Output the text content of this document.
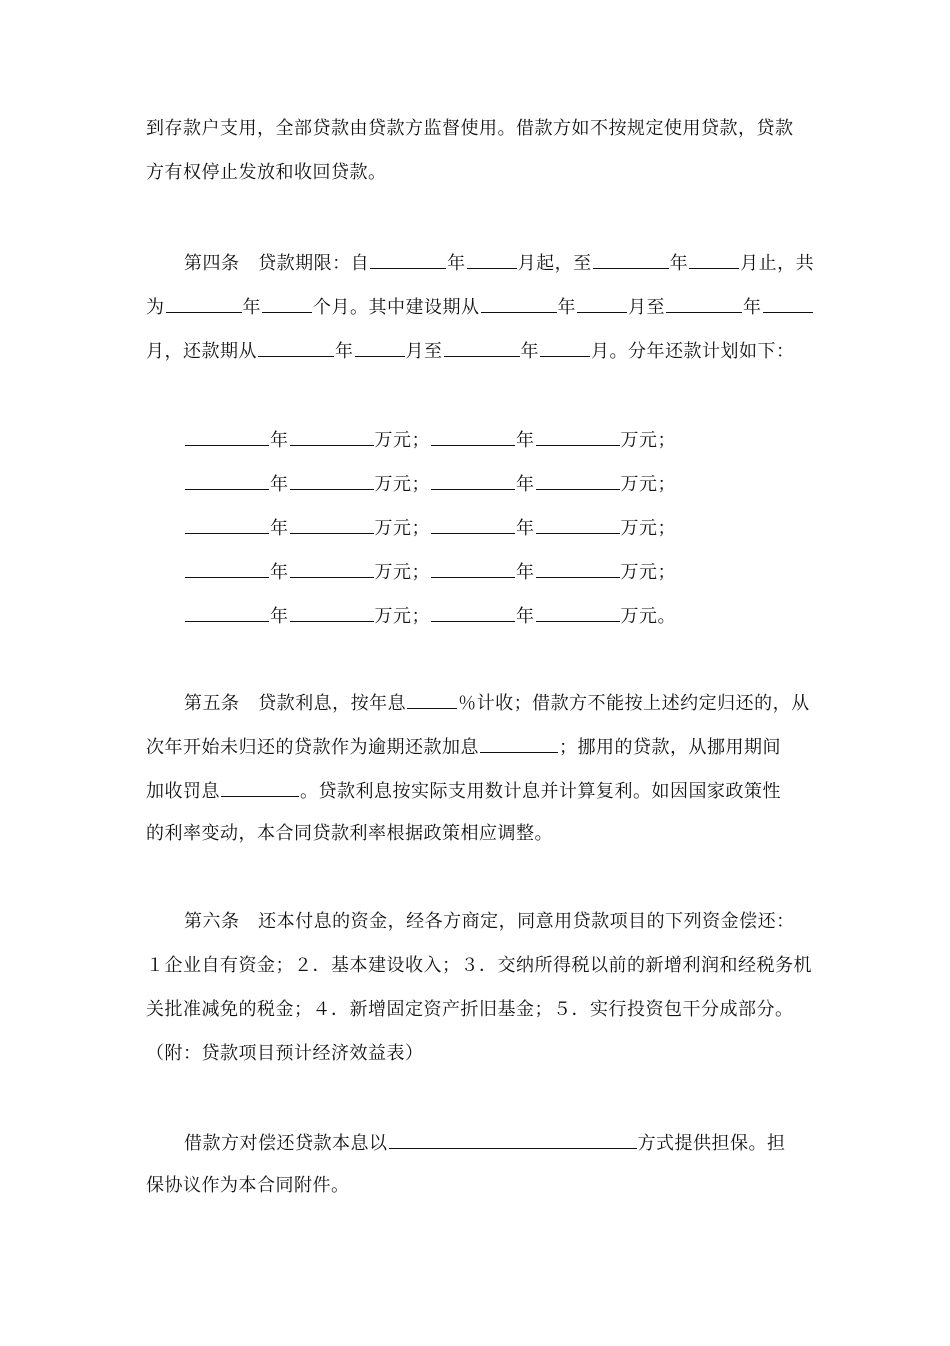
到存款户支用，全部贷款由贷款方监督使用。借款方如不按规定使用贷款，贷款
方有权停止发放和收回贷款。
第四条 贷款期限：自	年	月起，至	年	月止，共
为	年	个月。其中建设期从	年	月至	年
月，还款期从	年	月至	年	月。分年还款计划如下：
年	万元；	年	万元；
年	万元；	年	万元；
年	万元；	年	万元；
年	万元；	年	万元；
年	万元；	年	万元。
第五条 贷款利息，按年息	％计收；借款方不能按上述约定归还的，从
次年开始未归还的贷款作为逾期还款加息	；挪用的贷款，从挪用期间
加收罚息	。贷款利息按实际支用数计息并计算复利。如因国家政策性
的利率变动，本合同贷款利率根据政策相应调整。
第六条 还本付息的资金，经各方商定，同意用贷款项目的下列资金偿还：
１企业自有资金；２．基本建设收入；３．交纳所得税以前的新增利润和经税务机
关批准减免的税金；４．新增固定资产折旧基金；５．实行投资包干分成部分。
（附：贷款项目预计经济效益表）
借款方对偿还贷款本息以	方式提供担保。担
保协议作为本合同附件。
